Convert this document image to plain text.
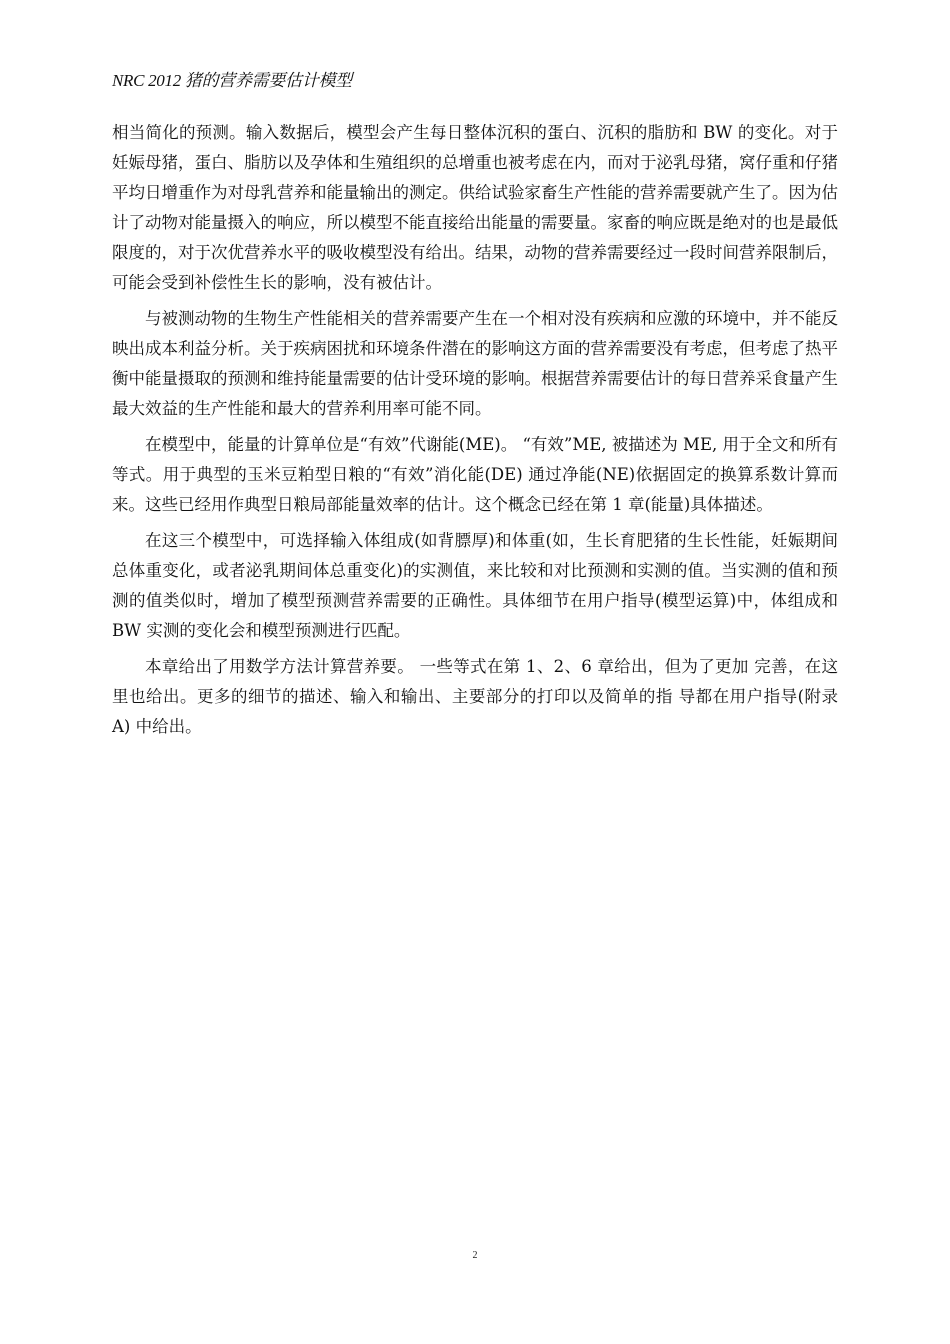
NRC 2012 猪的营养需要估计模型

相当简化的预测。输入数据后，模型会产生每日整体沉积的蛋白、沉积的脂肪和 BW 的变化。对于妊娠母猪，蛋白、脂肪以及孕体和生殖组织的总增重也被考虑在内，而对于泌乳母猪，窝仔重和仔猪平均日增重作为对母乳营养和能量输出的测定。供给试验家畜生产性能的营养需要就产生了。因为估计了动物对能量摄入的响应，所以模型不能直接给出能量的需要量。家畜的响应既是绝对的也是最低限度的，对于次优营养水平的吸收模型没有给出。结果，动物的营养需要经过一段时间营养限制后，可能会受到补偿性生长的影响，没有被估计。

与被测动物的生物生产性能相关的营养需要产生在一个相对没有疾病和应激的环境中，并不能反映出成本利益分析。关于疾病困扰和环境条件潜在的影响这方面的营养需要没有考虑，但考虑了热平衡中能量摄取的预测和维持能量需要的估计受环境的影响。根据营养需要估计的每日营养采食量产生最大效益的生产性能和最大的营养利用率可能不同。

在模型中，能量的计算单位是“有效”代谢能(ME)。 “有效”ME, 被描述为 ME, 用于全文和所有等式。用于典型的玉米豆粕型日粮的“有效”消化能(DE) 通过净能(NE)依据固定的换算系数计算而来。这些已经用作典型日粮局部能量效率的估计。这个概念已经在第 1 章(能量)具体描述。

在这三个模型中，可选择输入体组成(如背膘厚)和体重(如，生长育肥猪的生长性能，妊娠期间总体重变化，或者泌乳期间体总重变化)的实测值，来比较和对比预测和实测的值。当实测的值和预测的值类似时，增加了模型预测营养需要的正确性。具体细节在用户指导(模型运算)中，体组成和 BW 实测的变化会和模型预测进行匹配。

本章给出了用数学方法计算营养要。 一些等式在第 1、2、6 章给出，但为了更加 完善，在这里也给出。更多的细节的描述、输入和输出、主要部分的打印以及简单的指 导都在用户指导(附录 A) 中给出。

2
